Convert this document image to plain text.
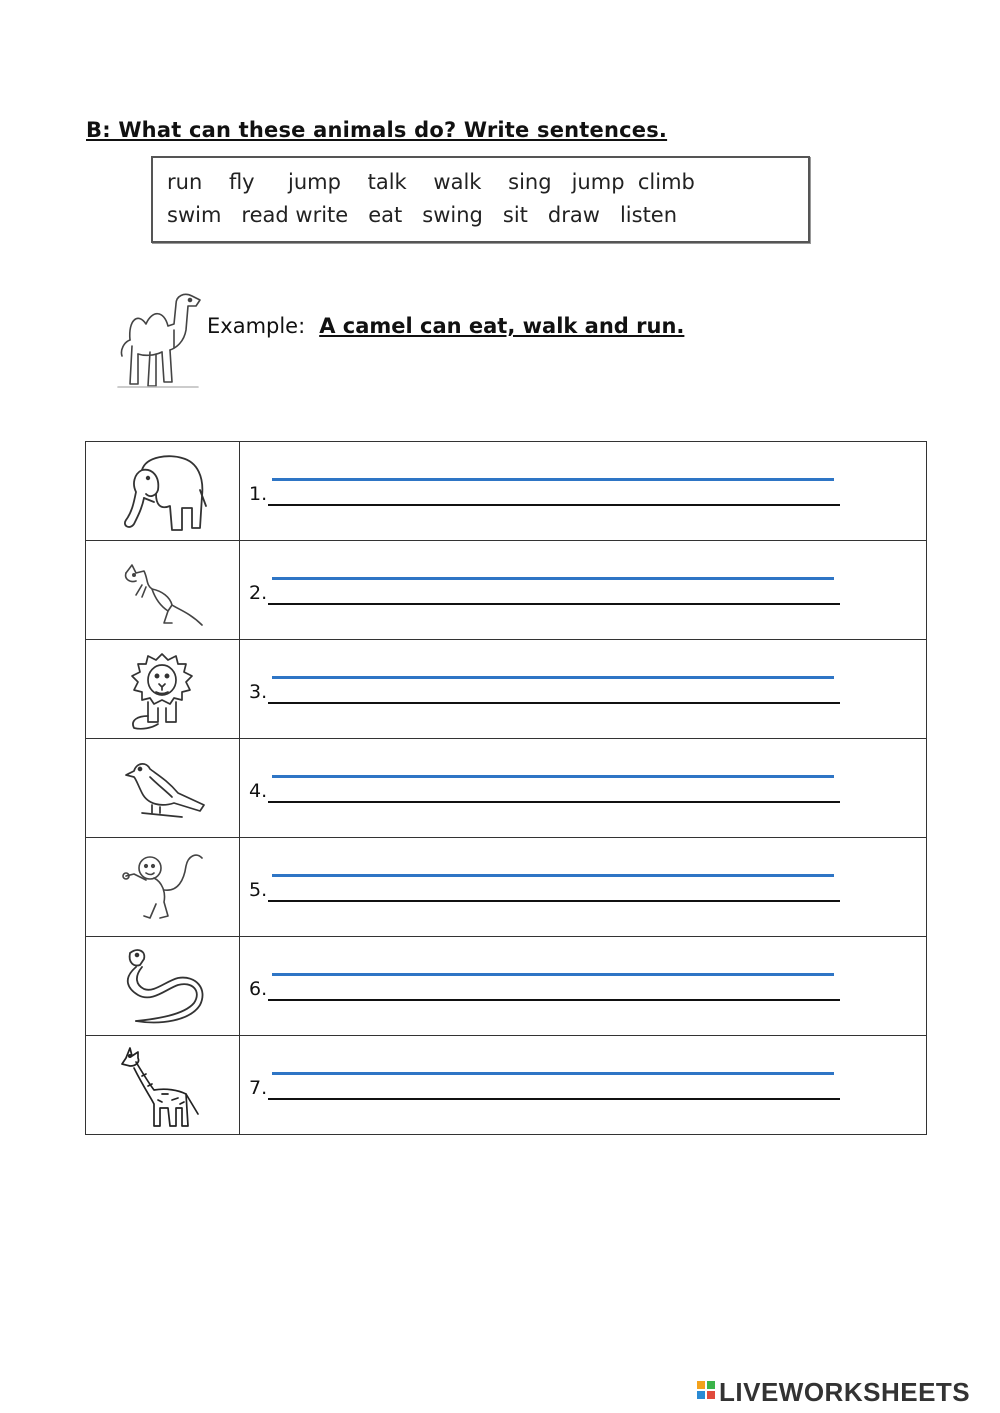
B: What can these animals do? Write sentences.
run    fly     jump    talk    walk    sing   jump  climb
swim   read write   eat   swing   sit   draw   listen
Example: A camel can eat, walk and run.

1.

2.

3.

4.

5.

6.

7.
LIVEWORKSHEETS
